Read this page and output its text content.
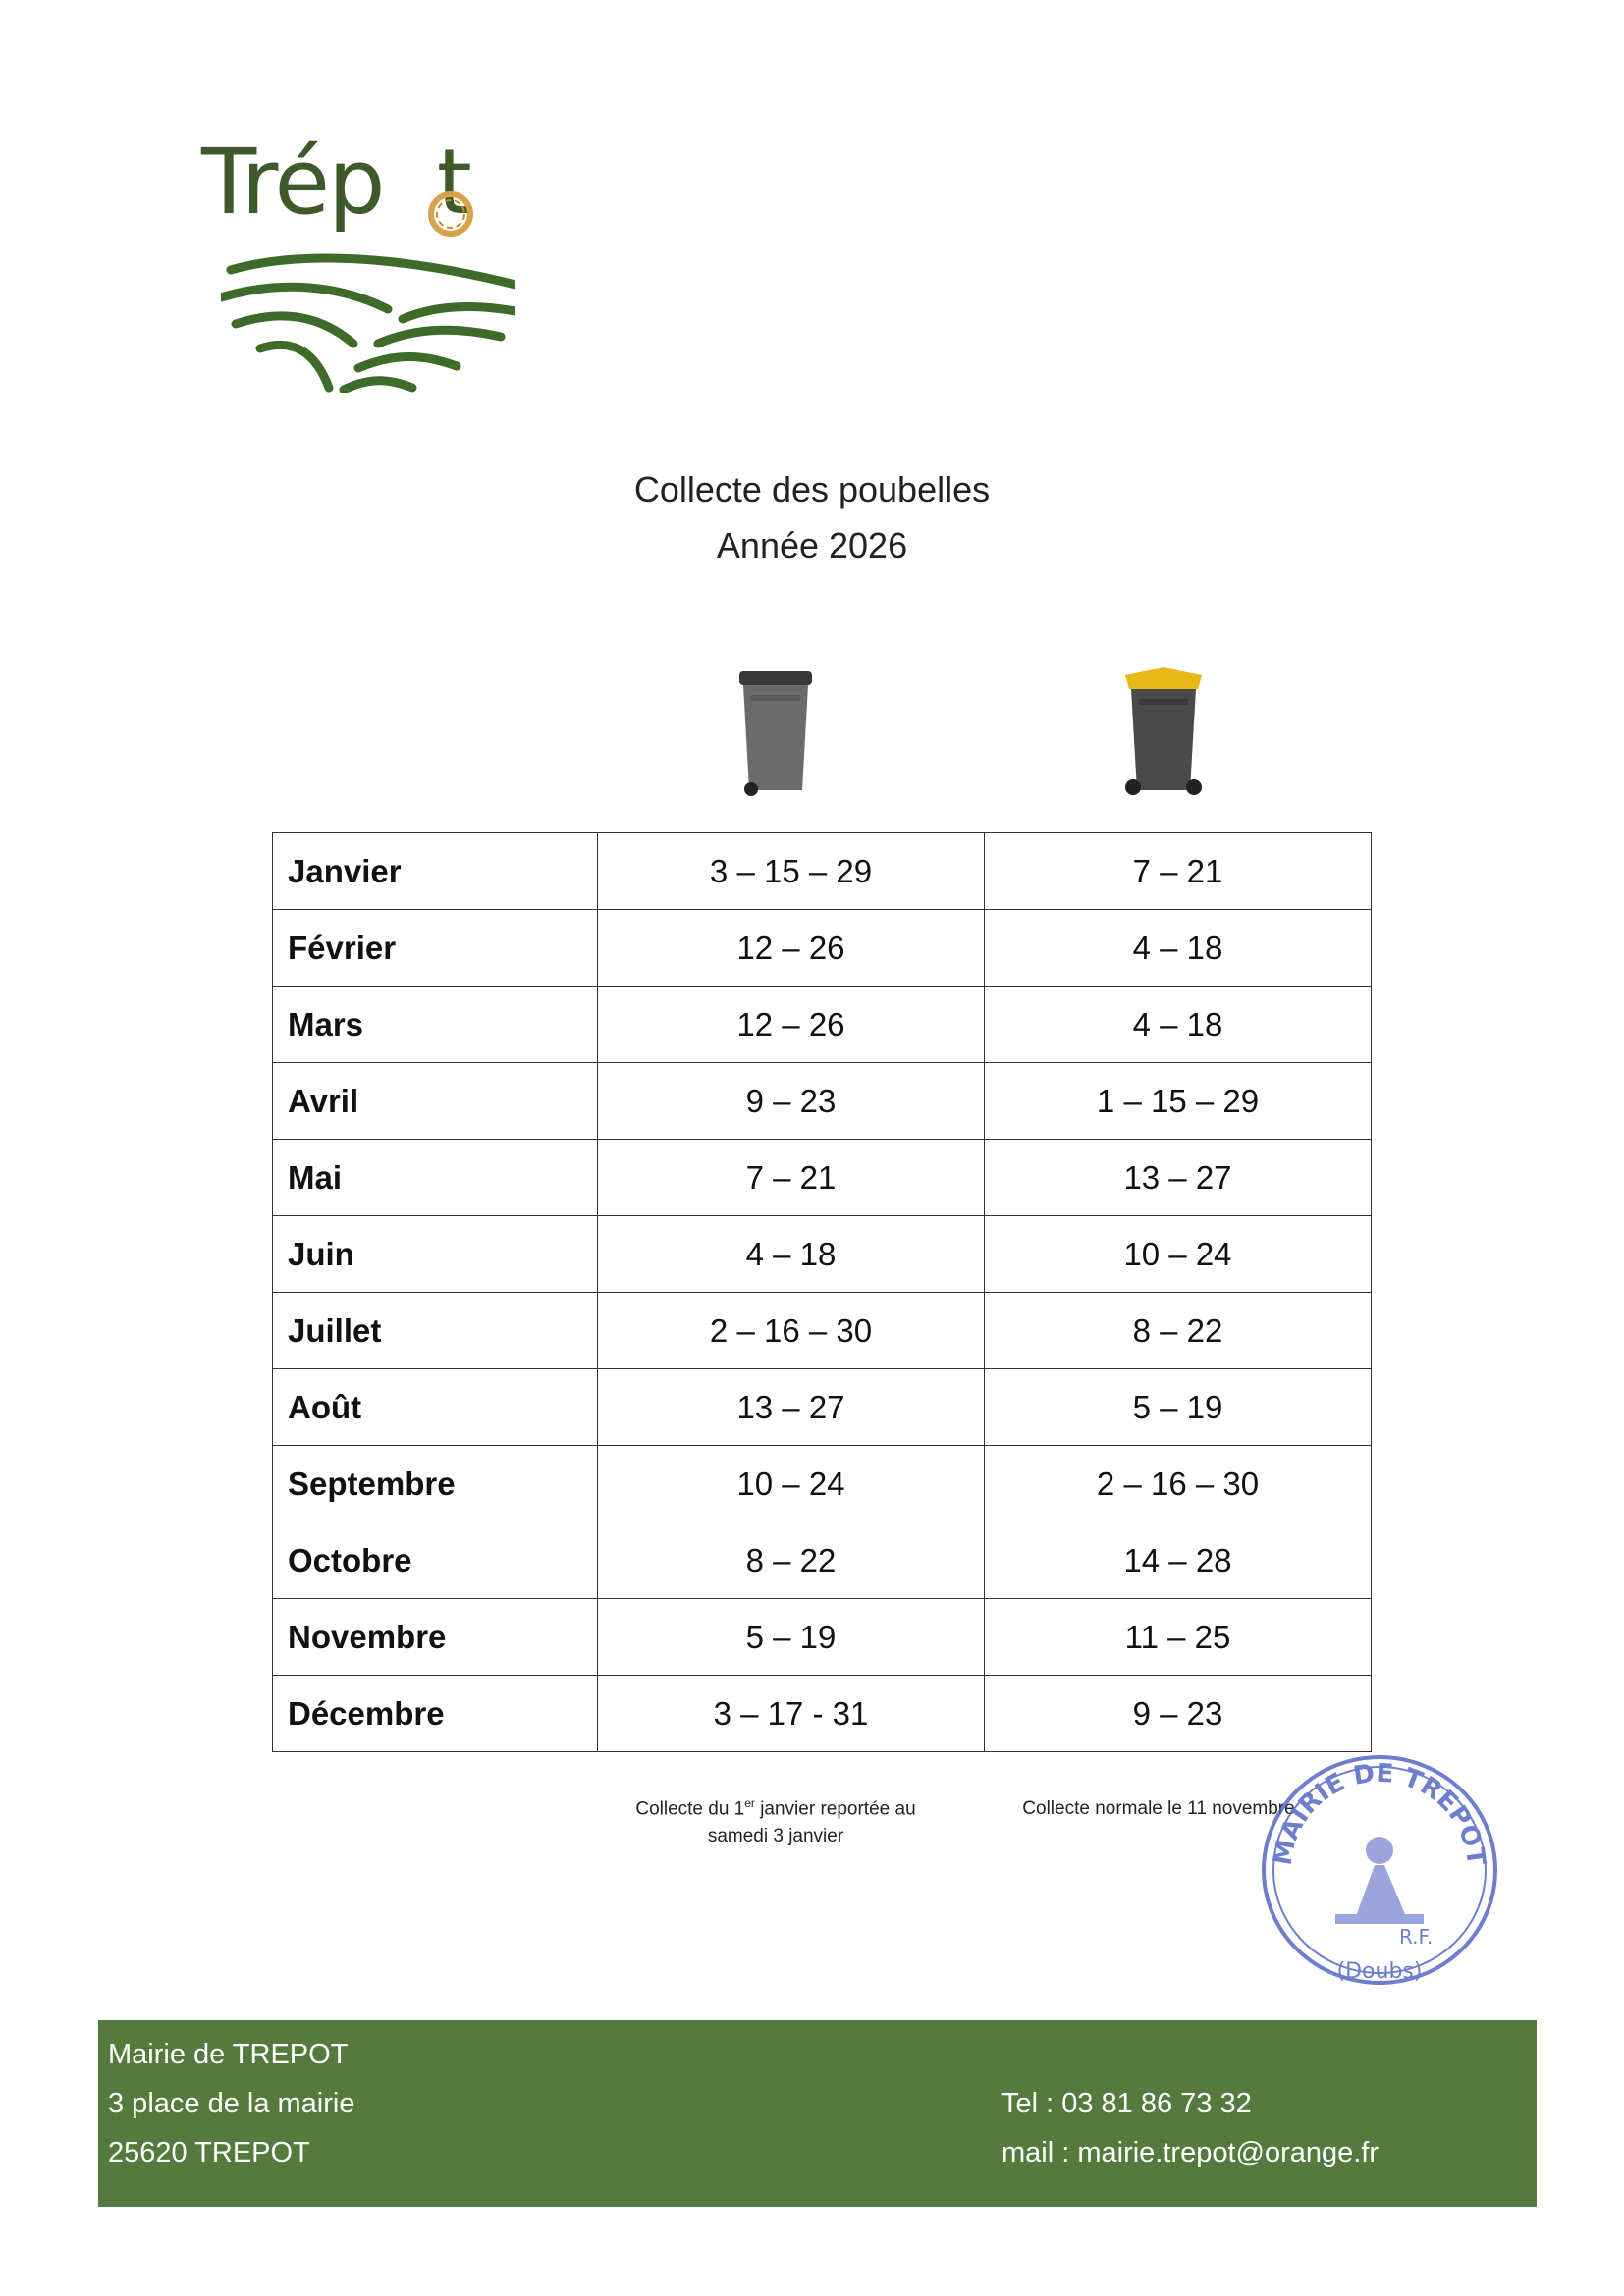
Trép t
Collecte des poubelles
Année 2026
Janvier	3 – 15 – 29	7 – 21
Février	12 – 26	4 – 18
Mars	12 – 26	4 – 18
Avril	9 – 23	1 – 15 – 29
Mai	7 – 21	13 – 27
Juin	4 – 18	10 – 24
Juillet	2 – 16 – 30	8 – 22
Août	13 – 27	5 – 19
Septembre	10 – 24	2 – 16 – 30
Octobre	8 – 22	14 – 28
Novembre	5 – 19	11 – 25
Décembre	3 – 17 - 31	9 – 23
Collecte du 1er janvier reportée au
samedi 3 janvier
Collecte normale le 11 novembre
MAIRIE DE TREPOT
R.F.
(Doubs)
Mairie de TREPOT
3 place de la mairie
25620 TREPOT
Tel : 03 81 86 73 32
mail : mairie.trepot@orange.fr
